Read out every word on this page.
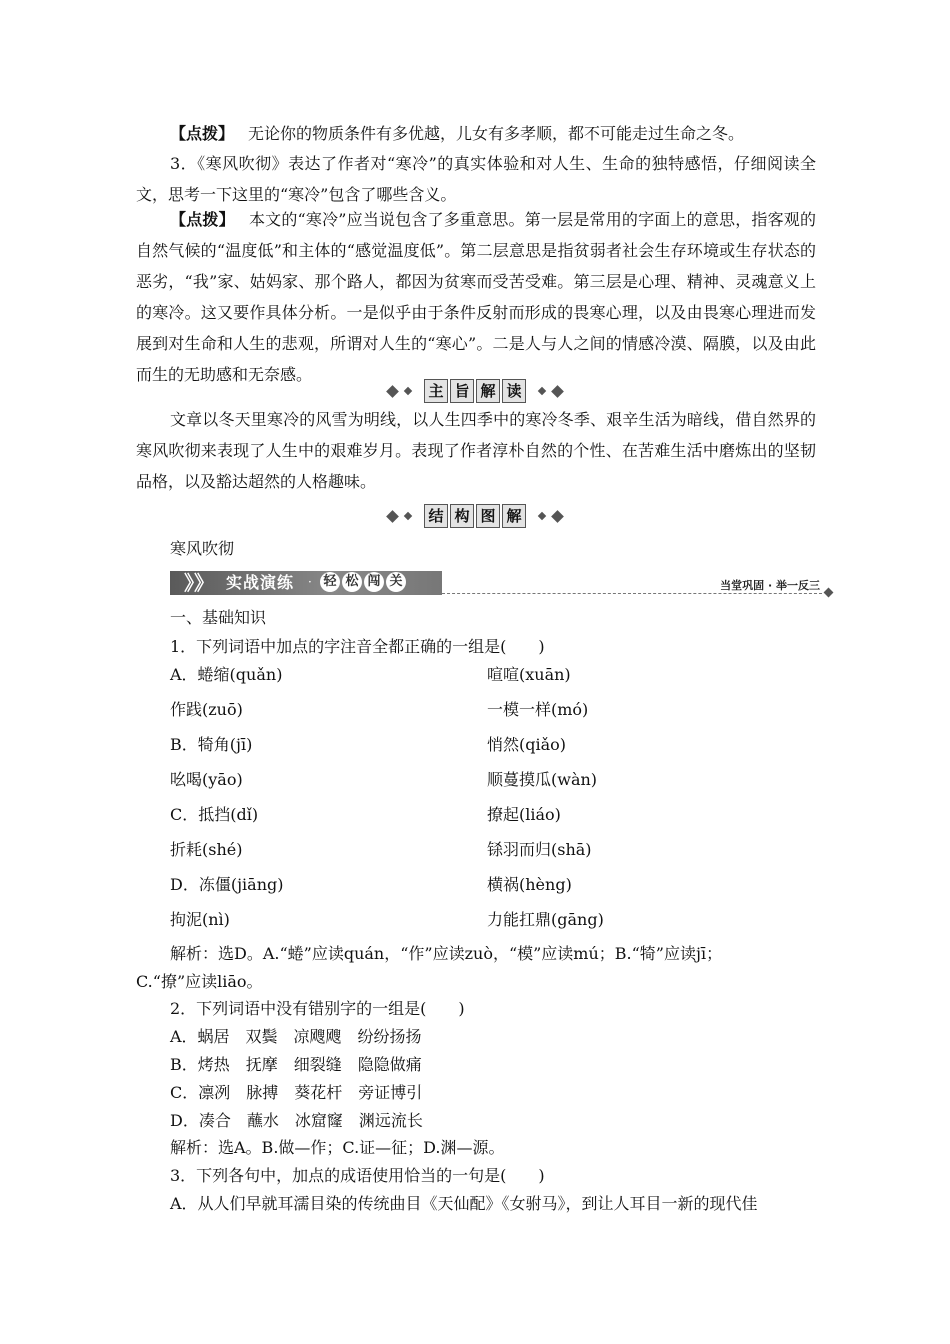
【点拨】 无论你的物质条件有多优越，儿女有多孝顺，都不可能走过生命之冬。
3．《寒风吹彻》表达了作者对“寒冷”的真实体验和对人生、生命的独特感悟，仔细阅读全文，思考一下这里的“寒冷”包含了哪些含义。
【点拨】 本文的“寒冷”应当说包含了多重意思。第一层是常用的字面上的意思，指客观的自然气候的“温度低”和主体的“感觉温度低”。第二层意思是指贫弱者社会生存环境或生存状态的恶劣，“我”家、姑妈家、那个路人，都因为贫寒而受苦受难。第三层是心理、精神、灵魂意义上的寒冷。这又要作具体分析。一是似乎由于条件反射而形成的畏寒心理，以及由畏寒心理进而发展到对生命和人生的悲观，所谓对人生的“寒心”。二是人与人之间的情感冷漠、隔膜，以及由此而生的无助感和无奈感。
主 旨 解 读
文章以冬天里寒冷的风雪为明线，以人生四季中的寒冷冬季、艰辛生活为暗线，借自然界的寒风吹彻来表现了人生中的艰难岁月。表现了作者淳朴自然的个性、在苦难生活中磨炼出的坚韧品格，以及豁达超然的人格趣味。
结 构 图 解
寒风吹彻
》》 实战演练 · 轻 松 闯 关	当堂巩固 · 举一反三
一、基础知识
1．下列词语中加点的字注音全都正确的一组是(　　)
A．蜷缩(quǎn)	喧喧(xuān)
作践(zuō)	一模一样(mó)
B．犄角(jī)	悄然(qiǎo)
吆喝(yāo)	顺蔓摸瓜(wàn)
C．抵挡(dǐ)	撩起(liáo)
折耗(shé)	铩羽而归(shā)
D．冻僵(jiāng)	横祸(hèng)
拘泥(nì)	力能扛鼎(gāng)
解析：选D。A.“蜷”应读quán，“作”应读zuò，“模”应读mú；B.“犄”应读jī；
C.“撩”应读liāo。
2．下列词语中没有错别字的一组是(　　)
A．蜗居　双鬓　凉飕飕　纷纷扬扬
B．烤热　抚摩　细裂缝　隐隐做痛
C．凛冽　脉搏　葵花杆　旁证博引
D．凑合　蘸水　冰窟窿　渊远流长
解析：选A。B.做—作；C.证—征；D.渊—源。
3．下列各句中，加点的成语使用恰当的一句是(　　)
A．从人们早就耳濡目染的传统曲目《天仙配》《女驸马》，到让人耳目一新的现代佳
